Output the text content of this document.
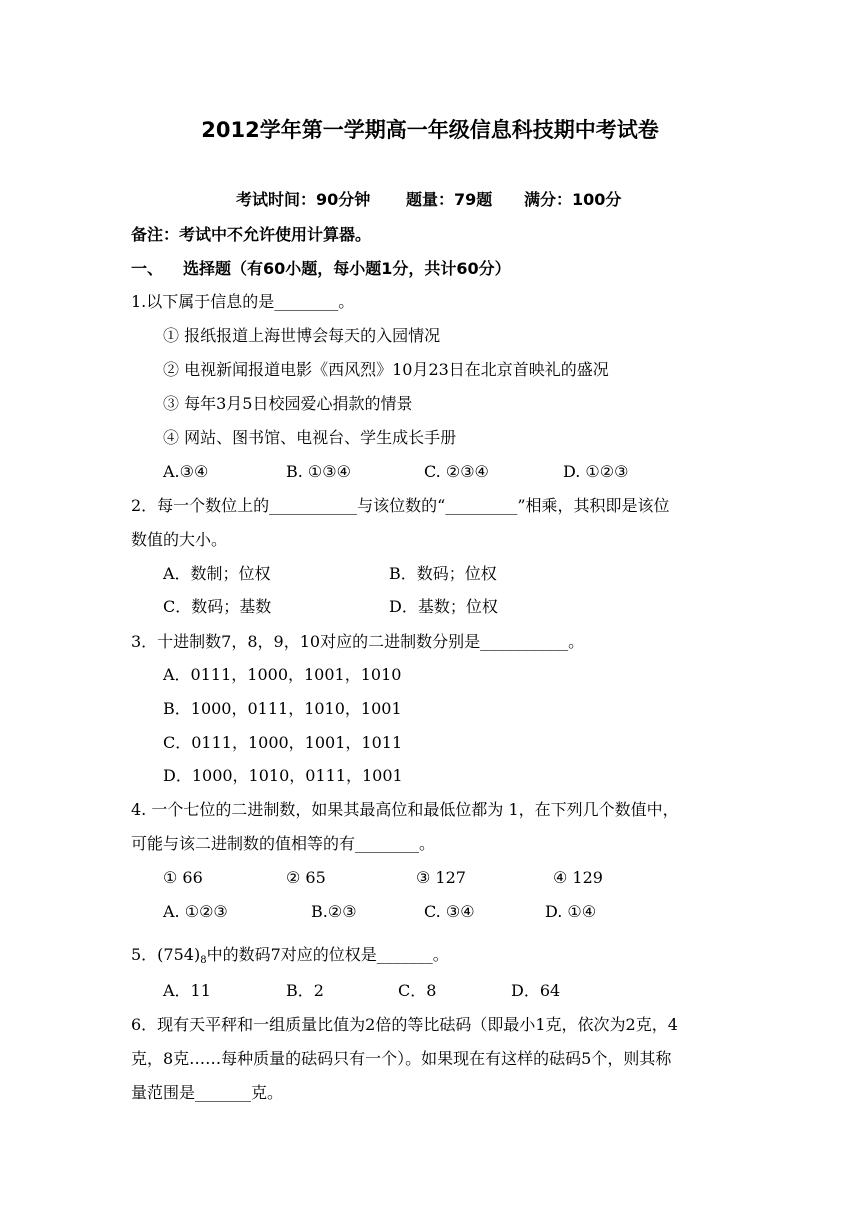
2012学年第一学期高一年级信息科技期中考试卷
考试时间：90分钟 题量：79题 满分：100分
备注：考试中不允许使用计算器。
一、 选择题（有60小题，每小题1分，共计60分）
1.以下属于信息的是________。
① 报纸报道上海世博会每天的入园情况
② 电视新闻报道电影《西风烈》10月23日在北京首映礼的盛况
③ 每年3月5日校园爱心捐款的情景
④ 网站、图书馆、电视台、学生成长手册
A.③④	B. ①③④	C. ②③④	D. ①②③
2．每一个数位上的___________与该位数的“_________”相乘，其积即是该位
数值的大小。
A．数制；位权	B．数码；位权
C．数码；基数	D．基数；位权
3．十进制数7，8，9，10对应的二进制数分别是___________。
A．0111，1000，1001，1010
B．1000，0111，1010，1001
C．0111，1000，1001，1011
D．1000，1010，0111，1001
4. 一个七位的二进制数，如果其最高位和最低位都为 1，在下列几个数值中，
可能与该二进制数的值相等的有________。
① 66	② 65	③ 127	④ 129
A. ①②③	B.②③	C. ③④	D. ①④
5．$(754)_8$中的数码7对应的位权是_______。
A．11	B．2	C．8	D．64
6．现有天平秤和一组质量比值为2倍的等比砝码（即最小1克，依次为2克，4
克，8克……每种质量的砝码只有一个）。如果现在有这样的砝码5个，则其称
量范围是_______克。
